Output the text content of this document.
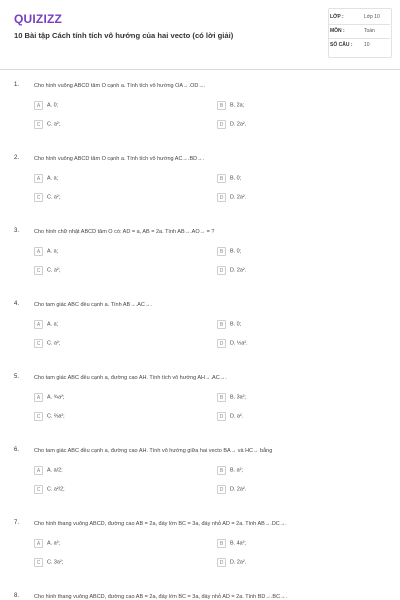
QUIZIZZ
10 Bài tập Cách tính tích vô hướng của hai vecto (có lời giải)
LỚP :	Lớp 10
MÔN :	Toán
SỐ CÂU : 10
1.	Cho hình vuông ABCD tâm O cạnh a. Tính tích vô hướng OA→.OD→.
A A. 0;	B B. 2a;
C C. a²;	D D. 2a².
2.	Cho hình vuông ABCD tâm O cạnh a. Tính tích vô hướng AC→.BD→.
A A. a;	B B. 0;
C C. a²;	D D. 2a².
3.	Cho hình chữ nhật ABCD tâm O có: AD = a, AB = 2a. Tính AB→.AO→ = ?
A A. a;	B B. 0;
C C. a²;	D D. 2a².
4.	Cho tam giác ABC đều cạnh a. Tính AB→.AC→.
A A. a;	B B. 0;
C C. a²;	D D. ½a².
5.	Cho tam giác ABC đều cạnh a, đường cao AH. Tính tích vô hướng AH→.AC→.
A A. ¾a²;	B B. 3a²;
C C. ⅔a²;	D D. a².
6.	Cho tam giác ABC đều cạnh a, đường cao AH. Tính vô hướng giữa hai vecto BA→ và HC→ bằng
A A. a/2;	B B. a²;
C C. a²/2;	D D. 2a².
7.	Cho hình thang vuông ABCD, đường cao AB = 2a, đáy lớn BC = 3a, đáy nhỏ AD = 2a. Tính AB→.DC→.
A A. a²;	B B. 4a²;
C C. 3a²;	D D. 2a².
8.	Cho hình thang vuông ABCD, đường cao AB = 2a, đáy lớn BC = 3a, đáy nhỏ AD = 2a. Tính BD→.BC→.
